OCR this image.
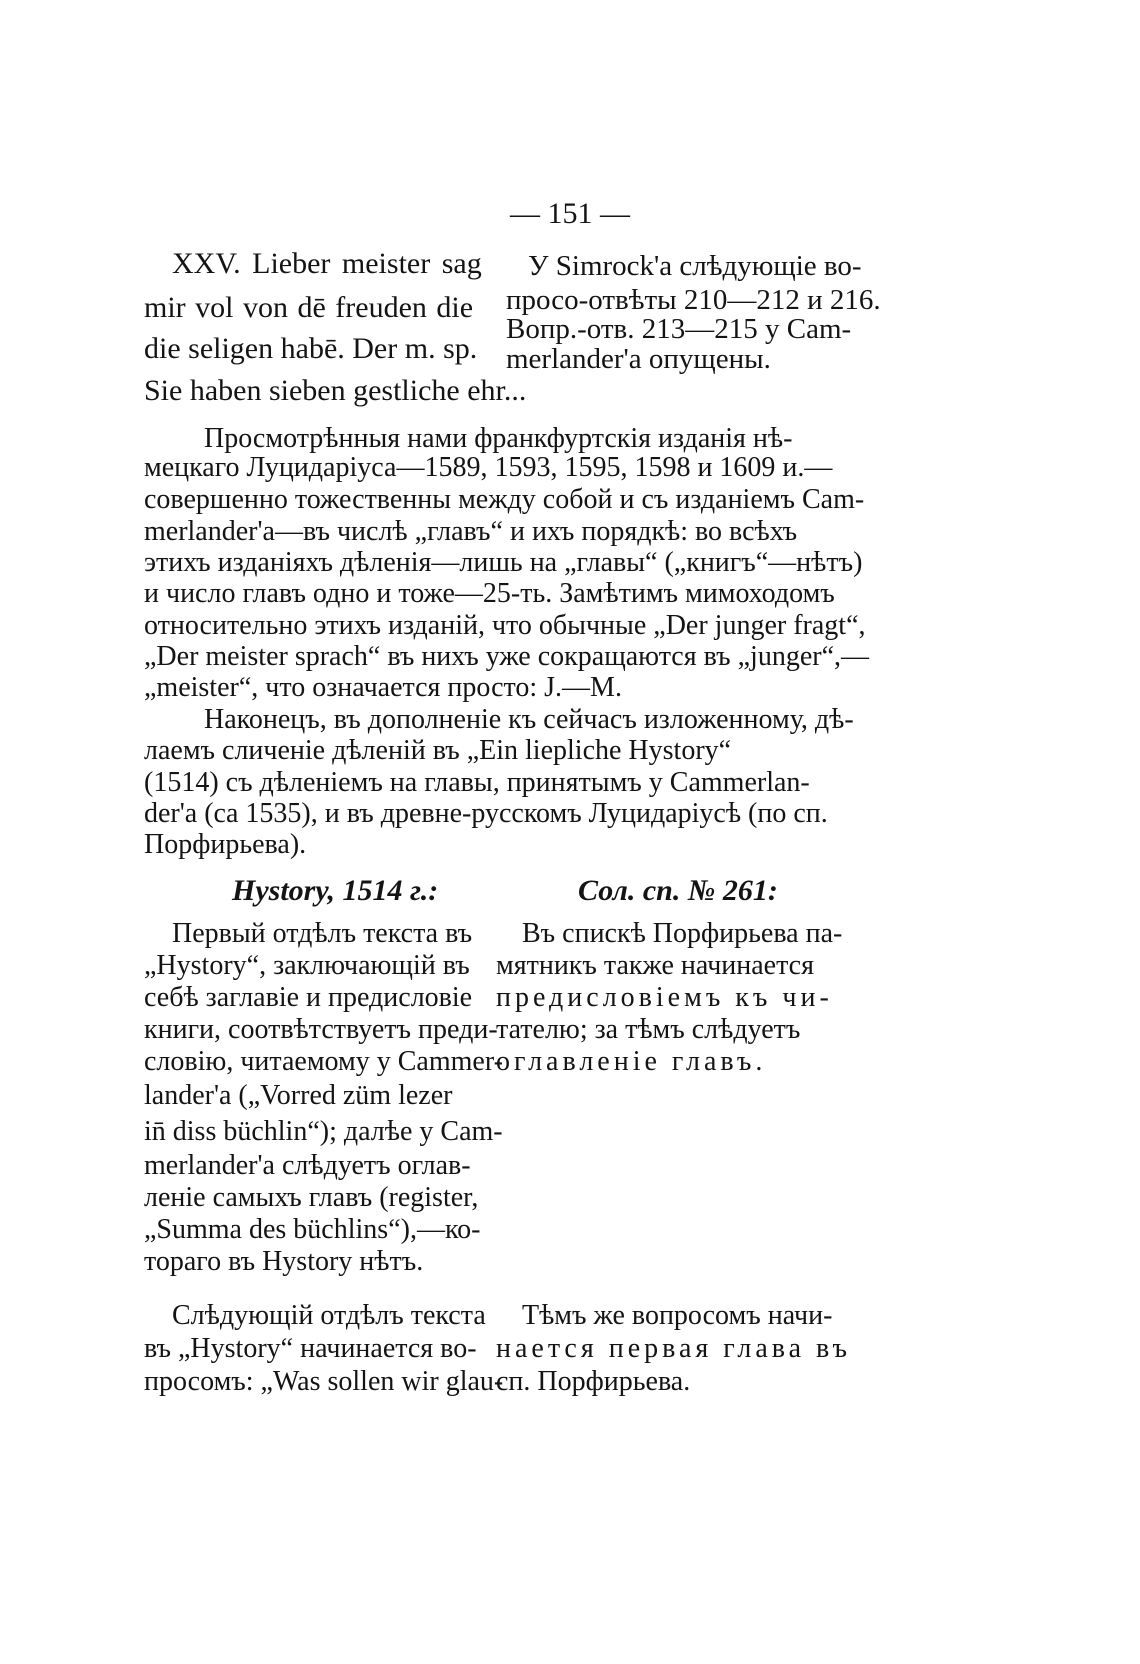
— 151 —
XXV. Lieber meister sag
mir vol von dē freuden die
die seligen habē. Der m. sp.
Sie haben sieben gestliche ehr...
У Simrock'а слѣдующіе во-
просо-отвѣты 210—212 и 216.
Вопр.-отв. 213—215 у Cam-
merlander'а опущены.
Просмотрѣнныя нами франкфуртскія изданія нѣ-
мецкаго Луцидаріуса—1589, 1593, 1595, 1598 и 1609 и.—
совершенно тожественны между собой и съ изданіемъ Cam-
merlander'а—въ числѣ „главъ“ и ихъ порядкѣ: во всѣхъ
этихъ изданіяхъ дѣленія—лишь на „главы“ („книгъ“—нѣтъ)
и число главъ одно и тоже—25-ть. Замѣтимъ мимоходомъ
относительно этихъ изданій, что обычные „Der junger fragt“,
„Der meister sprach“ въ нихъ уже сокращаются въ „junger“,—
„meister“, что означается просто: J.—M.
Наконецъ, въ дополненіе къ сейчасъ изложенному, дѣ-
лаемъ сличеніе дѣленій въ „Ein liepliche Hystory“
(1514) съ дѣленіемъ на главы, принятымъ у Cammerlan-
der'а (ca 1535), и въ древне-русскомъ Луцидаріусѣ (по сп.
Порфирьева).
Hystory, 1514 г.:	Сол. сп. № 261:
Первый отдѣлъ текста въ
„Hystory“, заключающій въ
себѣ заглавіе и предисловіе
книги, соотвѣтствуетъ преди-
словію, читаемому у Cammer-
lander'а („Vorred züm lezer
in̄ diss büchlin“); далѣе у Cam-
merlander'а слѣдуетъ оглав-
леніе самыхъ главъ (register,
„Summa des büchlins“),—ко-
тораго въ Hystory нѣтъ.
Въ спискѣ Порфирьева па-
мятникъ также начинается
предисловіемъ къ чи-
тателю; за тѣмъ слѣдуетъ
оглавленіе главъ.
Слѣдующій отдѣлъ текста
въ „Hystory“ начинается во-
просомъ: „Was sollen wir glau-
Тѣмъ же вопросомъ начи-
нается первая глава въ
сп. Порфирьева.
